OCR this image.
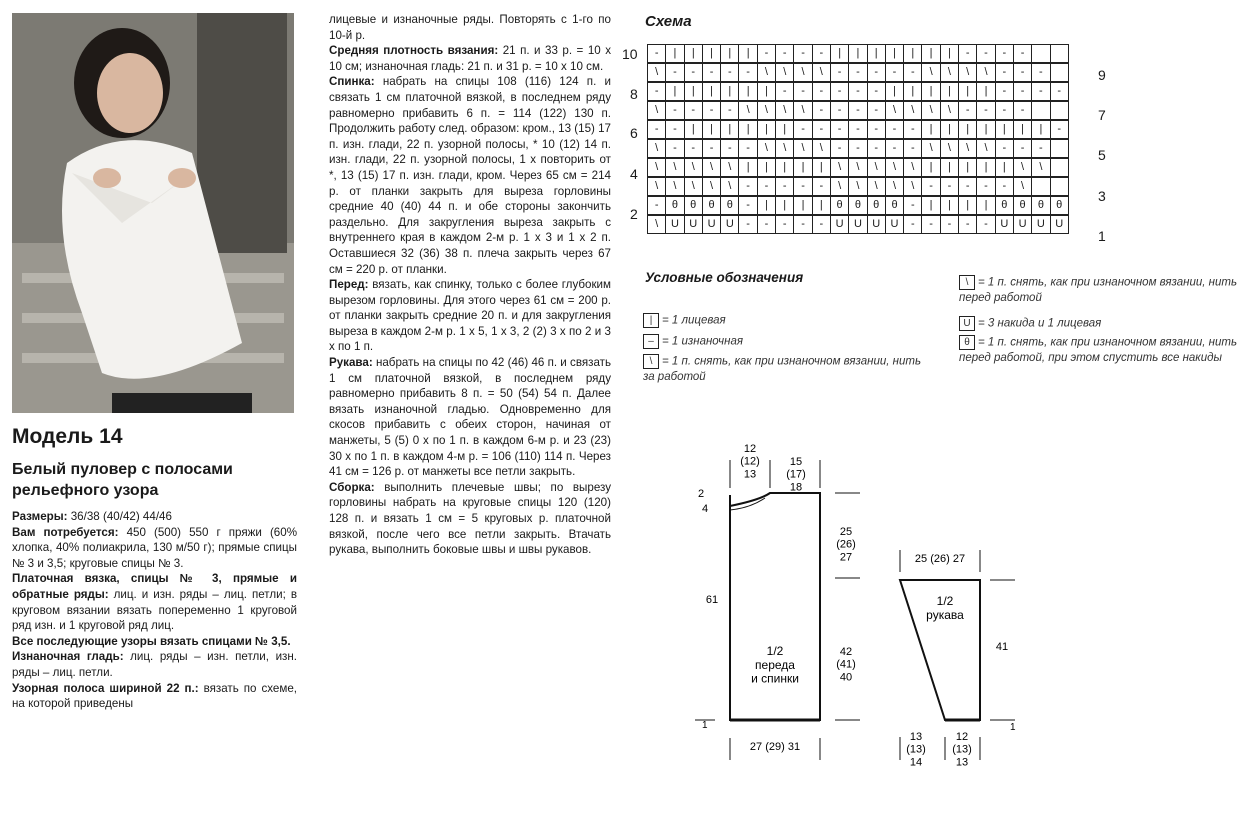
Модель 14
Белый пуловер с полосами рельефного узора

Размеры: 36/38 (40/42) 44/46

Вам потребуется: 450 (500) 550 г пряжи (60% хлопка, 40% полиакрила, 130 м/50 г); прямые спицы № 3 и 3,5; круговые спицы № 3.

Платочная вязка, спицы № 3, прямые и обратные ряды: лиц. и изн. ряды – лиц. петли; в круговом вязании вязать попеременно 1 круговой ряд изн. и 1 круговой ряд лиц.

Все последующие узоры вязать спицами № 3,5.

Изнаночная гладь: лиц. ряды – изн. петли, изн. ряды – лиц. петли.

Узорная полоса шириной 22 п.: вязать по схеме, на которой приведены

лицевые и изнаночные ряды. Повторять с 1-го по 10-й р.

Средняя плотность вязания: 21 п. и 33 р. = 10 x 10 см; изнаночная гладь: 21 п. и 31 р. = 10 x 10 см.

Спинка: набрать на спицы 108 (116) 124 п. и связать 1 см платочной вязкой, в последнем ряду равномерно прибавить 6 п. = 114 (122) 130 п. Продолжить работу след. образом: кром., 13 (15) 17 п. изн. глади, 22 п. узорной полосы, * 10 (12) 14 п. изн. глади, 22 п. узорной полосы, 1 x повторить от *, 13 (15) 17 п. изн. глади, кром. Через 65 см = 214 р. от планки закрыть для выреза горловины средние 40 (40) 44 п. и обе стороны закончить раздельно. Для закругления выреза закрыть с внутреннего края в каждом 2-м р. 1 x 3 и 1 x 2 п. Оставшиеся 32 (36) 38 п. плеча закрыть через 67 см = 220 р. от планки.

Перед: вязать, как спинку, только с более глубоким вырезом горловины. Для этого через 61 см = 200 р. от планки закрыть средние 20 п. и для закругления выреза в каждом 2-м р. 1 x 5, 1 x 3, 2 (2) 3 x по 2 и 3 x по 1 п.

Рукава: набрать на спицы по 42 (46) 46 п. и связать 1 см платочной вязкой, в последнем ряду равномерно прибавить 8 п. = 50 (54) 54 п. Далее вязать изнаночной гладью. Одновременно для скосов прибавить с обеих сторон, начиная от манжеты, 5 (5) 0 x по 1 п. в каждом 6-м р. и 23 (23) 30 x по 1 п. в каждом 4-м р. = 106 (110) 114 п. Через 41 см = 126 р. от манжеты все петли закрыть.

Сборка: выполнить плечевые швы; по вырезу горловины набрать на круговые спицы 120 (120) 128 п. и вязать 1 см = 5 круговых р. платочной вязкой, после чего все петли закрыть. Втачать рукава, выполнить боковые швы и швы рукавов.

Схема
-	|	|	|	|	|	-	-	-	-	|	|	|	|	|	|	|	-	-	-	-
\	-	-	-	-	-	\	\	\	\	-	-	-	-	-	\	\	\	\	-	-	-
-	|	|	|	|	|	|	-	-	-	-	-	-	|	|	|	|	|	|	-	-	-	-
\	-	-	-	-	\	\	\	\	-	-	-	-	\	\	\	\	-	-	-	-
-	-	|	|	|	|	|	|	-	-	-	-	-	-	-	|	|	|	|	|	|	|	-
\	-	-	-	-	-	\	\	\	\	-	-	-	-	-	\	\	\	\	-	-	-
\	\	\	\	\	|	|	|	|	|	\	\	\	\	\	|	|	|	|	|	\	\
\	\	\	\	\	-	-	-	-	-	\	\	\	\	\	-	-	-	-	-	\
-	θ	θ	θ	θ	-	|	|	|	|	θ	θ	θ	θ	-	|	|	|	|	θ	θ	θ	θ
\	U U U U	-	-	-	-	-	U U U U	-	-	-	-	-	U U U U
10
8
6
4
2
9
7
5
3
1
Условные обозначения
| = 1 лицевая
– = 1 изнаночная
\ = 1 п. снять, как при изнаночном вязании, нить за работой
\ = 1 п. снять, как при изнаночном вязании, нить перед работой
U = 3 накида и 1 лицевая
θ = 1 п. снять, как при изнаночном вязании, нить перед работой, при этом спустить все накиды
12 (12) 13
15 (17) 18
2
4
25 (26) 27
42 (41) 40
61
27 (29) 31
1
1/2 переда и спинки
25 (26) 27
41
13 (13) 14
12 (13) 13
1
1/2 рукава
